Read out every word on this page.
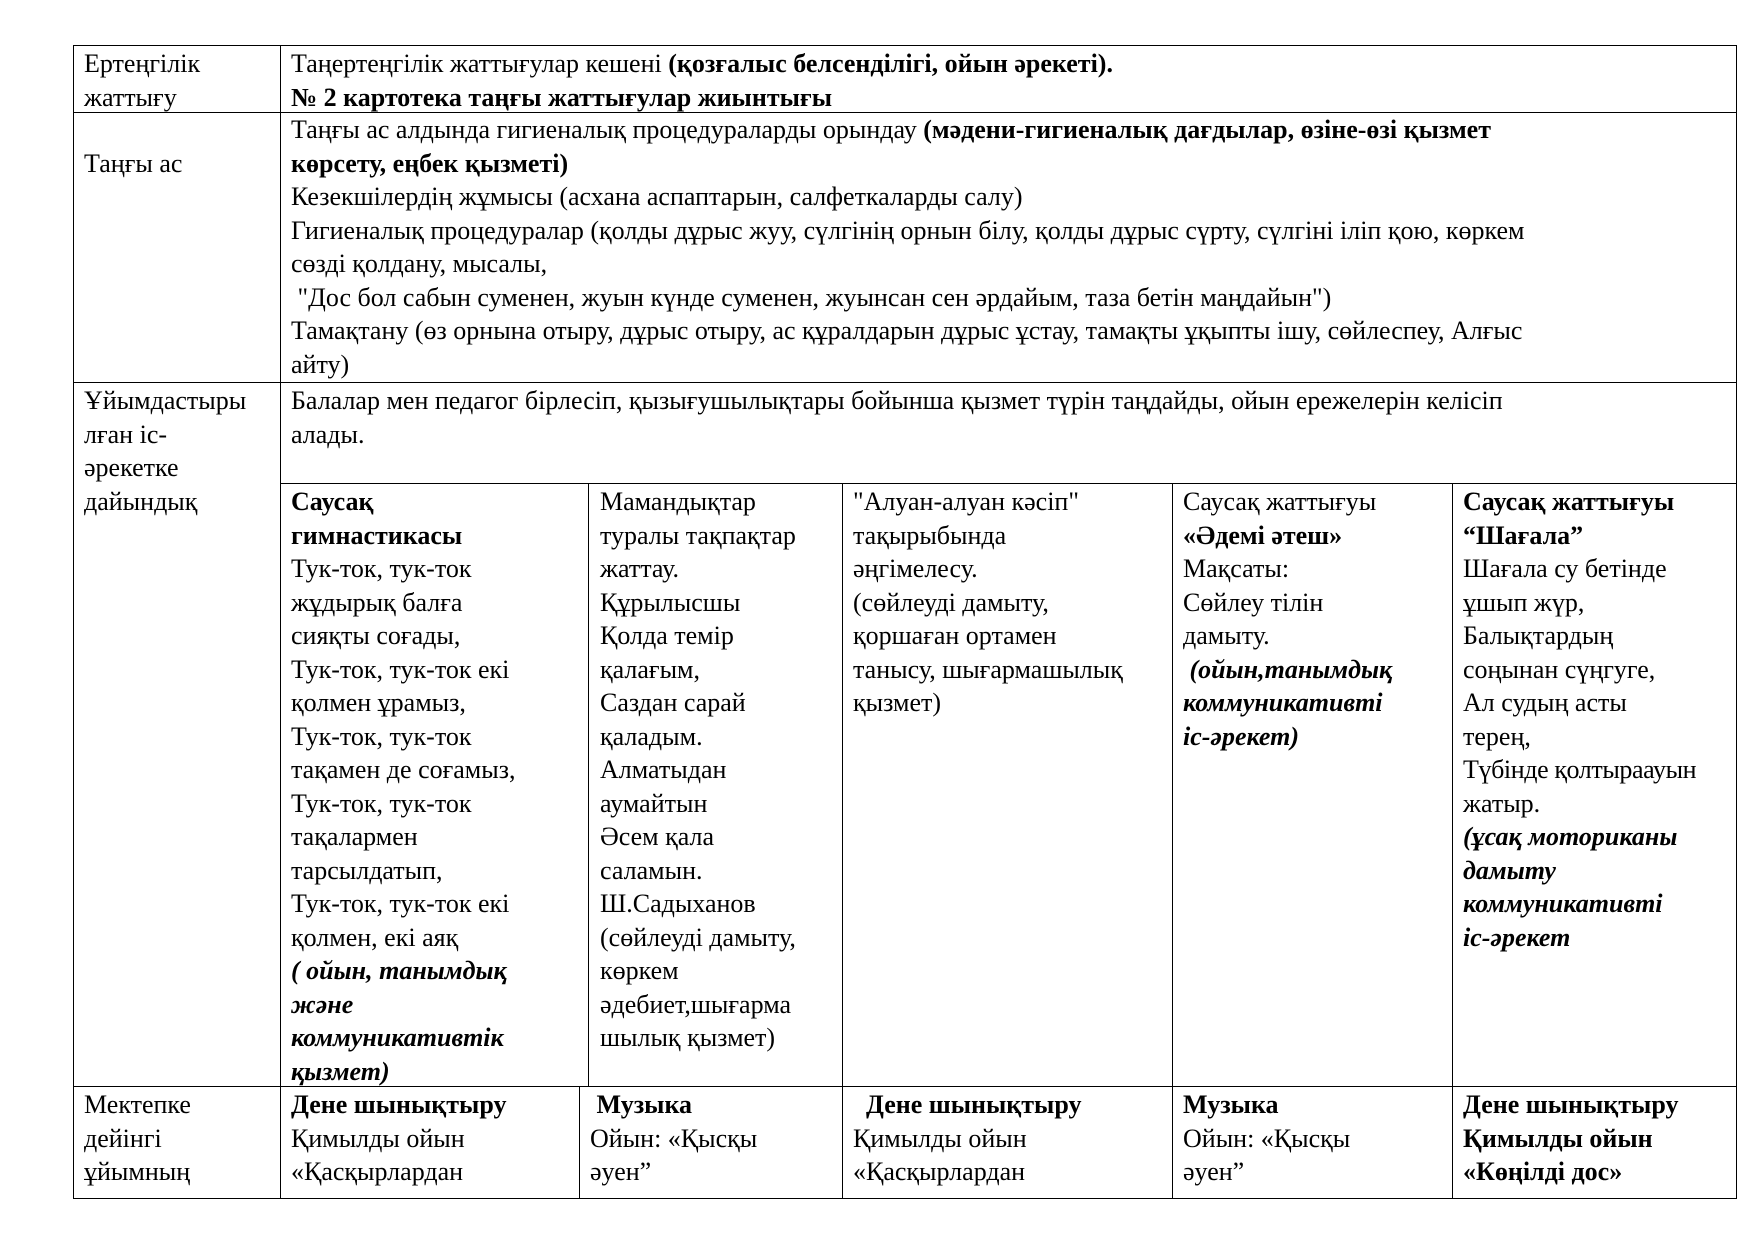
Ертеңгілік
жаттығу
Таңертеңгілік жаттығулар кешені (қозғалыс белсенділігі, ойын әрекеті).
№ 2 картотека таңғы жаттығулар жиынтығы
Таңғы ас
Таңғы ас алдында гигиеналық процедураларды орындау (мәдени-гигиеналық дағдылар, өзіне-өзі қызмет
көрсету, еңбек қызметі)
Кезекшілердің жұмысы (асхана аспаптарын, салфеткаларды салу)
Гигиеналық процедуралар (қолды дұрыс жуу, сүлгінің орнын білу, қолды дұрыс сүрту, сүлгіні іліп қою, көркем
сөзді қолдану, мысалы,
"Дос бол сабын суменен, жуын күнде суменен, жуынсан сен әрдайым, таза бетін маңдайын")
Тамақтану (өз орнына отыру, дұрыс отыру, ас құралдарын дұрыс ұстау, тамақты ұқыпты ішу, сөйлеспеу, Алғыс
айту)
Ұйымдастыры
лған іс-
әрекетке
дайындық
Балалар мен педагог бірлесіп, қызығушылықтары бойынша қызмет түрін таңдайды, ойын ережелерін келісіп
алады.
Саусақ
гимнастикасы
Тук-ток, тук-ток
жұдырық балға
сияқты соғады,
Тук-ток, тук-ток екі
қолмен ұрамыз,
Тук-ток, тук-ток
тақамен де соғамыз,
Тук-ток, тук-ток
тақалармен
тарсылдатып,
Тук-ток, тук-ток екі
қолмен, екі аяқ
( ойын, танымдық
және
коммуникативтік
қызмет)
Мамандықтар
туралы тақпақтар
жаттау.
Құрылысшы
Қолда темір
қалағым,
Саздан сарай
қаладым.
Алматыдан
аумайтын
Әсем қала
саламын.
Ш.Садыханов
(сөйлеуді дамыту,
көркем
әдебиет,шығарма
шылық қызмет)
"Алуан-алуан кәсіп"
тақырыбында
әңгімелесу.
(сөйлеуді дамыту,
қоршаған ортамен
танысу, шығармашылық
қызмет)
Саусақ жаттығуы
«Әдемі әтеш»
Мақсаты:
Сөйлеу тілін
дамыту.
(ойын,танымдық
коммуникативті
іс-әрекет)
Саусақ жаттығуы
“Шағала”
Шағала су бетінде
ұшып жүр,
Балықтардың
соңынан сүңгуге,
Ал судың асты
терең,
Түбінде қолтыраауын
жатыр.
(ұсақ моториканы
дамыту
коммуникативті
іс-әрекет
Мектепке
дейінгі
ұйымның
Дене шынықтыру
Қимылды ойын
«Қасқырлардан
Музыка
Ойын: «Қысқы
әуен”
Дене шынықтыру
Қимылды ойын
«Қасқырлардан
Музыка
Ойын: «Қысқы
әуен”
Дене шынықтыру
Қимылды ойын
«Көңілді дос»
